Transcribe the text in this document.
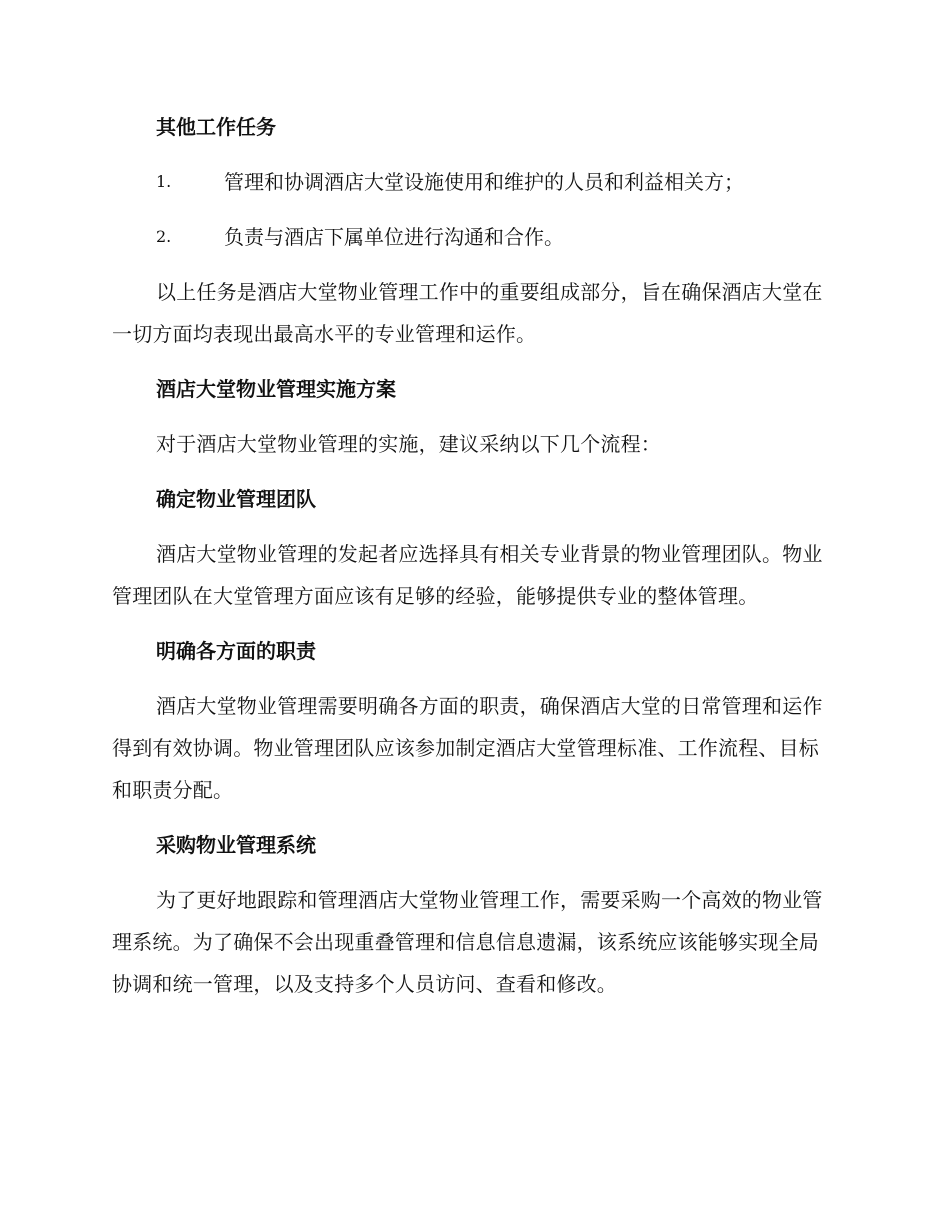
其他工作任务
1.	管理和协调酒店大堂设施使用和维护的人员和利益相关方；
2.	负责与酒店下属单位进行沟通和合作。

以上任务是酒店大堂物业管理工作中的重要组成部分，旨在确保酒店大堂在一切方面均表现出最高水平的专业管理和运作。

酒店大堂物业管理实施方案

对于酒店大堂物业管理的实施，建议采纳以下几个流程：

确定物业管理团队

酒店大堂物业管理的发起者应选择具有相关专业背景的物业管理团队。物业管理团队在大堂管理方面应该有足够的经验，能够提供专业的整体管理。

明确各方面的职责

酒店大堂物业管理需要明确各方面的职责，确保酒店大堂的日常管理和运作得到有效协调。物业管理团队应该参加制定酒店大堂管理标准、工作流程、目标和职责分配。

采购物业管理系统

为了更好地跟踪和管理酒店大堂物业管理工作，需要采购一个高效的物业管理系统。为了确保不会出现重叠管理和信息信息遗漏，该系统应该能够实现全局协调和统一管理，以及支持多个人员访问、查看和修改。
